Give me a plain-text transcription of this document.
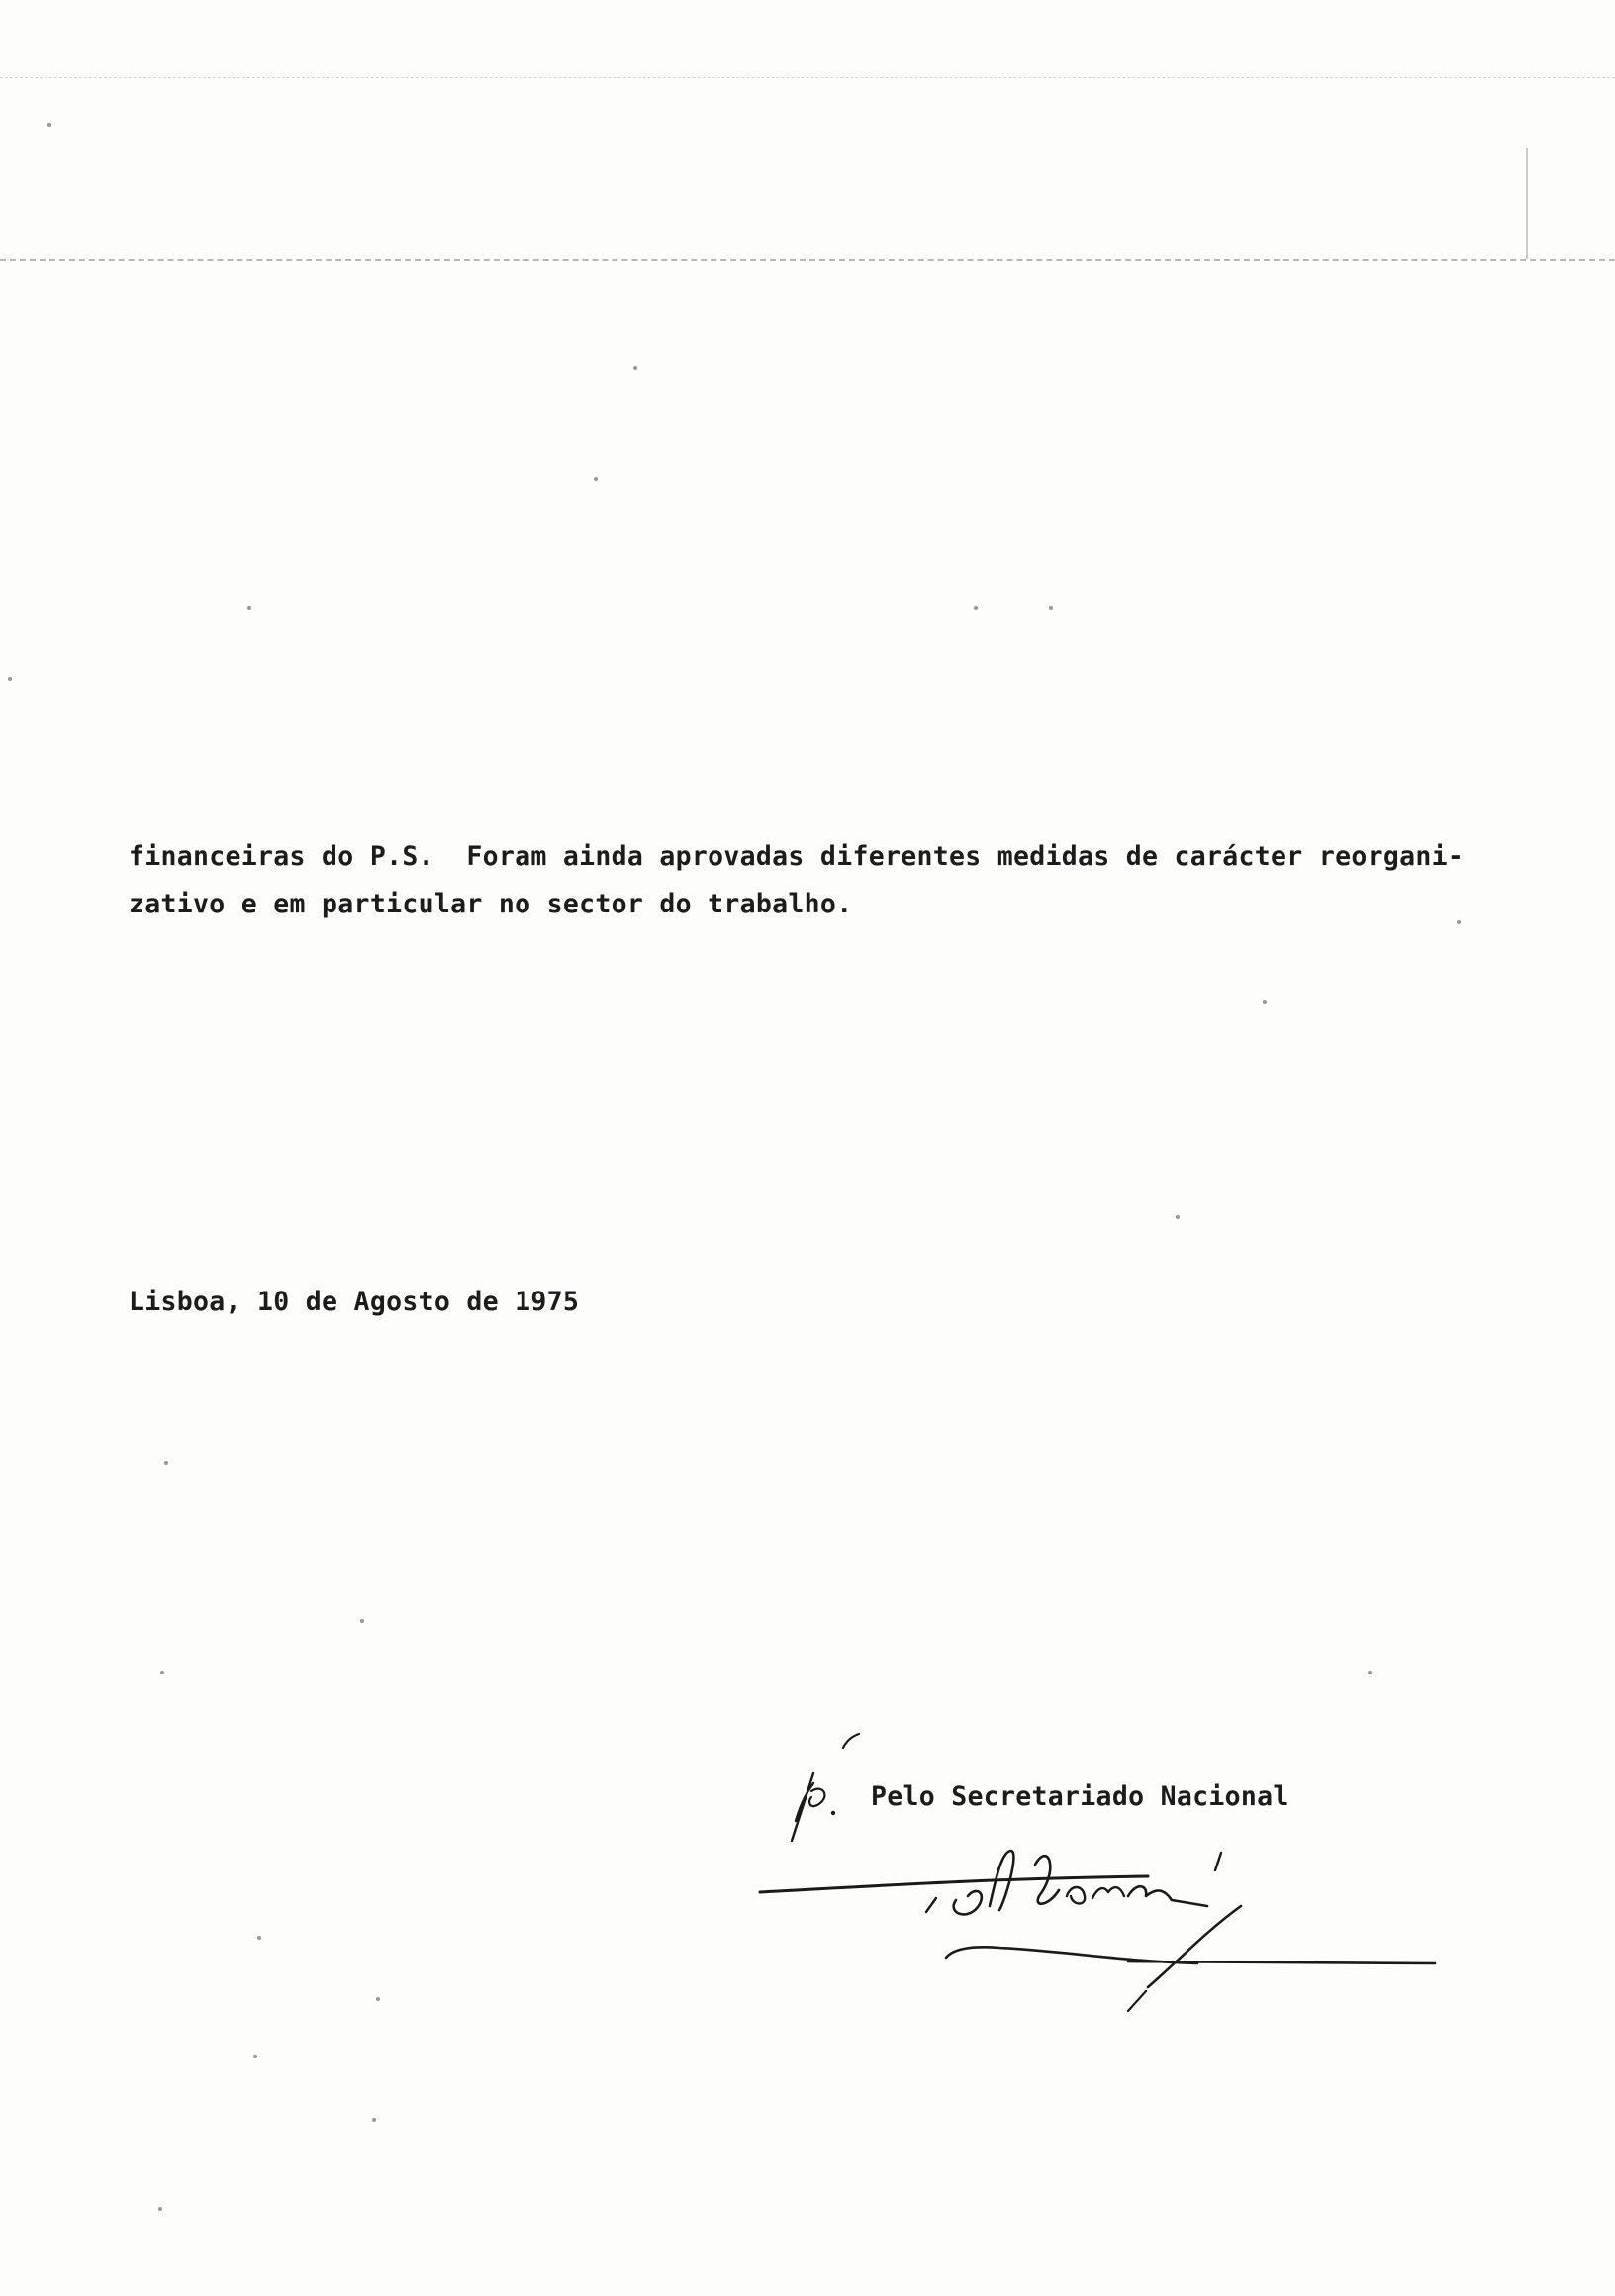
financeiras do P.S.  Foram ainda aprovadas diferentes medidas de carácter reorgani-
zativo e em particular no sector do trabalho.
Lisboa, 10 de Agosto de 1975
Pelo Secretariado Nacional
